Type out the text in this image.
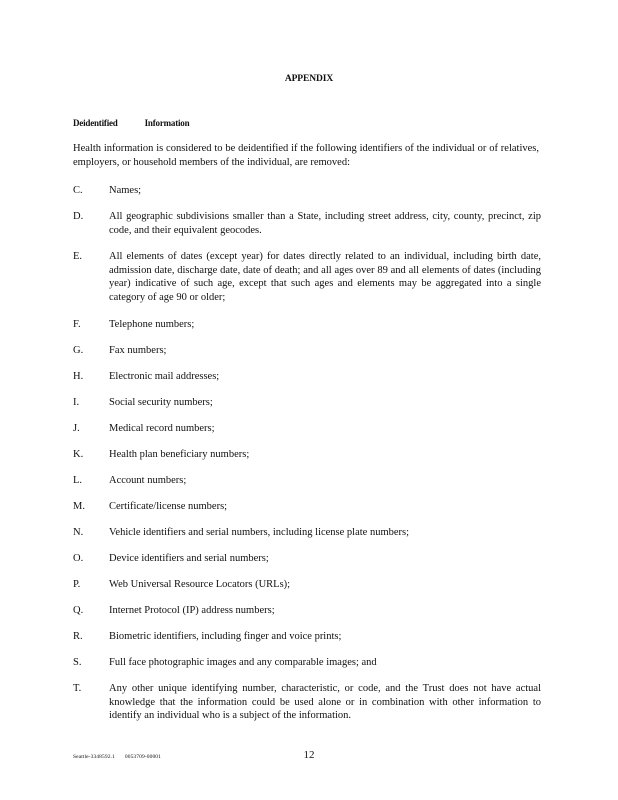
APPENDIX
Deidentified	Information

Health information is considered to be deidentified if the following identifiers of the individual or of relatives, employers, or household members of the individual, are removed:

C.	Names;

D. All geographic subdivisions smaller than a State, including street address, city, county, precinct, zip code, and their equivalent geocodes.

E.	All elements of dates (except year) for dates directly related to an individual, including birth date, admission date, discharge date, date of death; and all ages over 89 and all elements of dates (including year) indicative of such age, except that such ages and elements may be aggregated into a single category of age 90 or older;

F.	Telephone numbers;

G. Fax numbers;

H. Electronic mail addresses;

I.	Social security numbers;

J.	Medical record numbers;

K. Health plan beneficiary numbers;

L.	Account numbers;

M. Certificate/license numbers;

N. Vehicle identifiers and serial numbers, including license plate numbers;

O. Device identifiers and serial numbers;

P.	Web Universal Resource Locators (URLs);

Q. Internet Protocol (IP) address numbers;

R.	Biometric identifiers, including finger and voice prints;

S.	Full face photographic images and any comparable images; and

T.	Any other unique identifying number, characteristic, or code, and the Trust does not have actual knowledge that the information could be used alone or in combination with other information to identify an individual who is a subject of the information.

Seattle-3348592.1 0053709-00001	12
